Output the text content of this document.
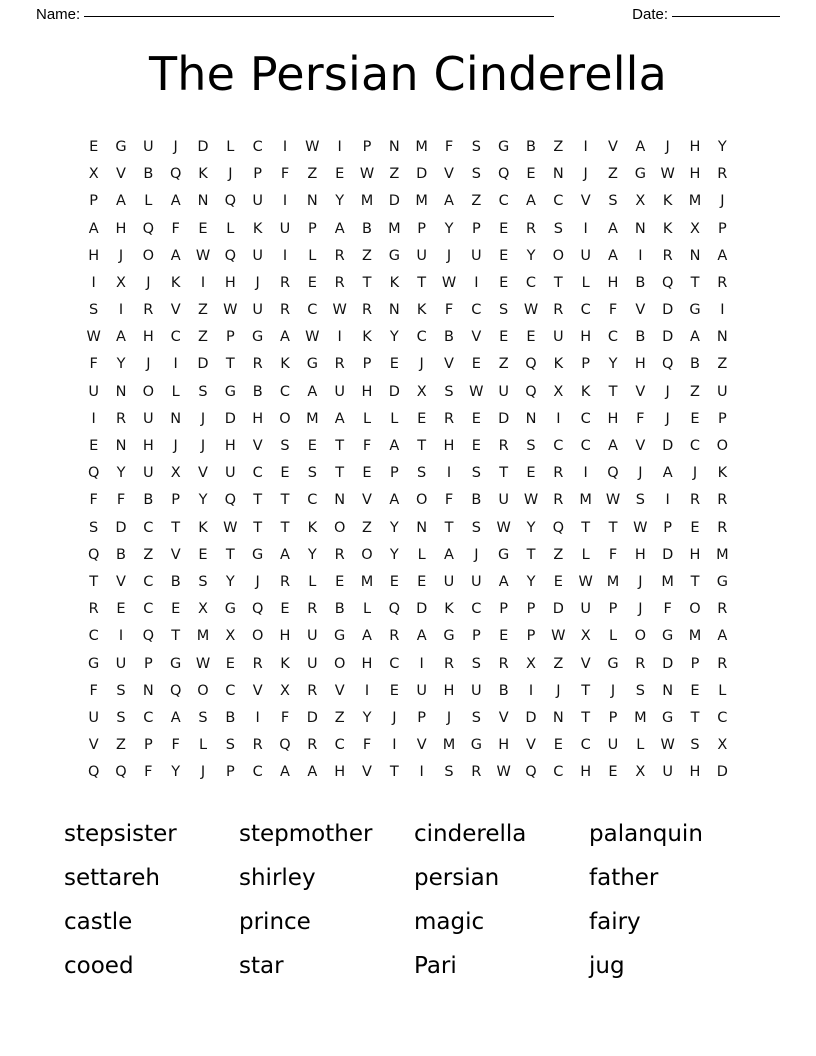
Name:	Date:
The Persian Cinderella
E	G	U	J	D	L	C	I	W	I	P	N	M	F	S	G	B	Z	I	V	A	J	H	Y
X	V	B	Q	K	J	P	F	Z	E	W	Z	D	V	S	Q	E	N	J	Z	G	W	H	R
P	A	L	A	N	Q	U	I	N	Y	M	D	M	A	Z	C	A	C	V	S	X	K	M	J
A	H	Q	F	E	L	K	U	P	A	B	M	P	Y	P	E	R	S	I	A	N	K	X	P
H	J	O	A	W Q	U	I	L	R	Z	G	U	J	U	E	Y	O	U	A	I	R	N	A
I	X	J	K	I	H	J	R	E	R	T	K	T	W	I	E	C	T	L	H	B	Q	T	R
S	I	R	V	Z	W	U	R	C	W	R	N	K	F	C	S	W	R	C	F	V	D	G	I
W	A	H	C	Z	P	G	A	W	I	K	Y	C	B	V	E	E	U	H	C	B	D	A	N
F	Y	J	I	D	T	R	K	G	R	P	E	J	V	E	Z	Q	K	P	Y	H	Q	B	Z
U	N	O	L	S	G	B	C	A	U	H	D	X	S	W	U	Q	X	K	T	V	J	Z	U
I	R	U	N	J	D	H	O	M	A	L	L	E	R	E	D	N	I	C	H	F	J	E	P
E	N	H	J	J	H	V	S	E	T	F	A	T	H	E	R	S	C	C	A	V	D	C	O
Q	Y	U	X	V	U	C	E	S	T	E	P	S	I	S	T	E	R	I	Q	J	A	J	K
F	F	B	P	Y	Q	T	T	C	N	V	A	O	F	B	U	W	R	M W	S	I	R	R
S	D	C	T	K	W	T	T	K	O	Z	Y	N	T	S	W	Y	Q	T	T	W	P	E	R
Q	B	Z	V	E	T	G	A	Y	R	O	Y	L	A	J	G	T	Z	L	F	H	D	H	M
T	V	C	B	S	Y	J	R	L	E	M	E	E	U	U	A	Y	E	W M	J	M	T	G
R	E	C	E	X	G	Q	E	R	B	L	Q	D	K	C	P	P	D	U	P	J	F	O	R
C	I	Q	T	M	X	O	H	U	G	A	R	A	G	P	E	P	W	X	L	O	G	M	A
G	U	P	G	W	E	R	K	U	O	H	C	I	R	S	R	X	Z	V	G	R	D	P	R
F	S	N	Q	O	C	V	X	R	V	I	E	U	H	U	B	I	J	T	J	S	N	E	L
U	S	C	A	S	B	I	F	D	Z	Y	J	P	J	S	V	D	N	T	P	M	G	T	C
V	Z	P	F	L	S	R	Q	R	C	F	I	V	M	G	H	V	E	C	U	L	W	S	X
Q	Q	F	Y	J	P	C	A	A	H	V	T	I	S	R	W Q	C	H	E	X	U	H	D
stepsister	stepmother	cinderella	palanquin
settareh	shirley	persian	father
castle	prince	magic	fairy
cooed	star	Pari	jug
